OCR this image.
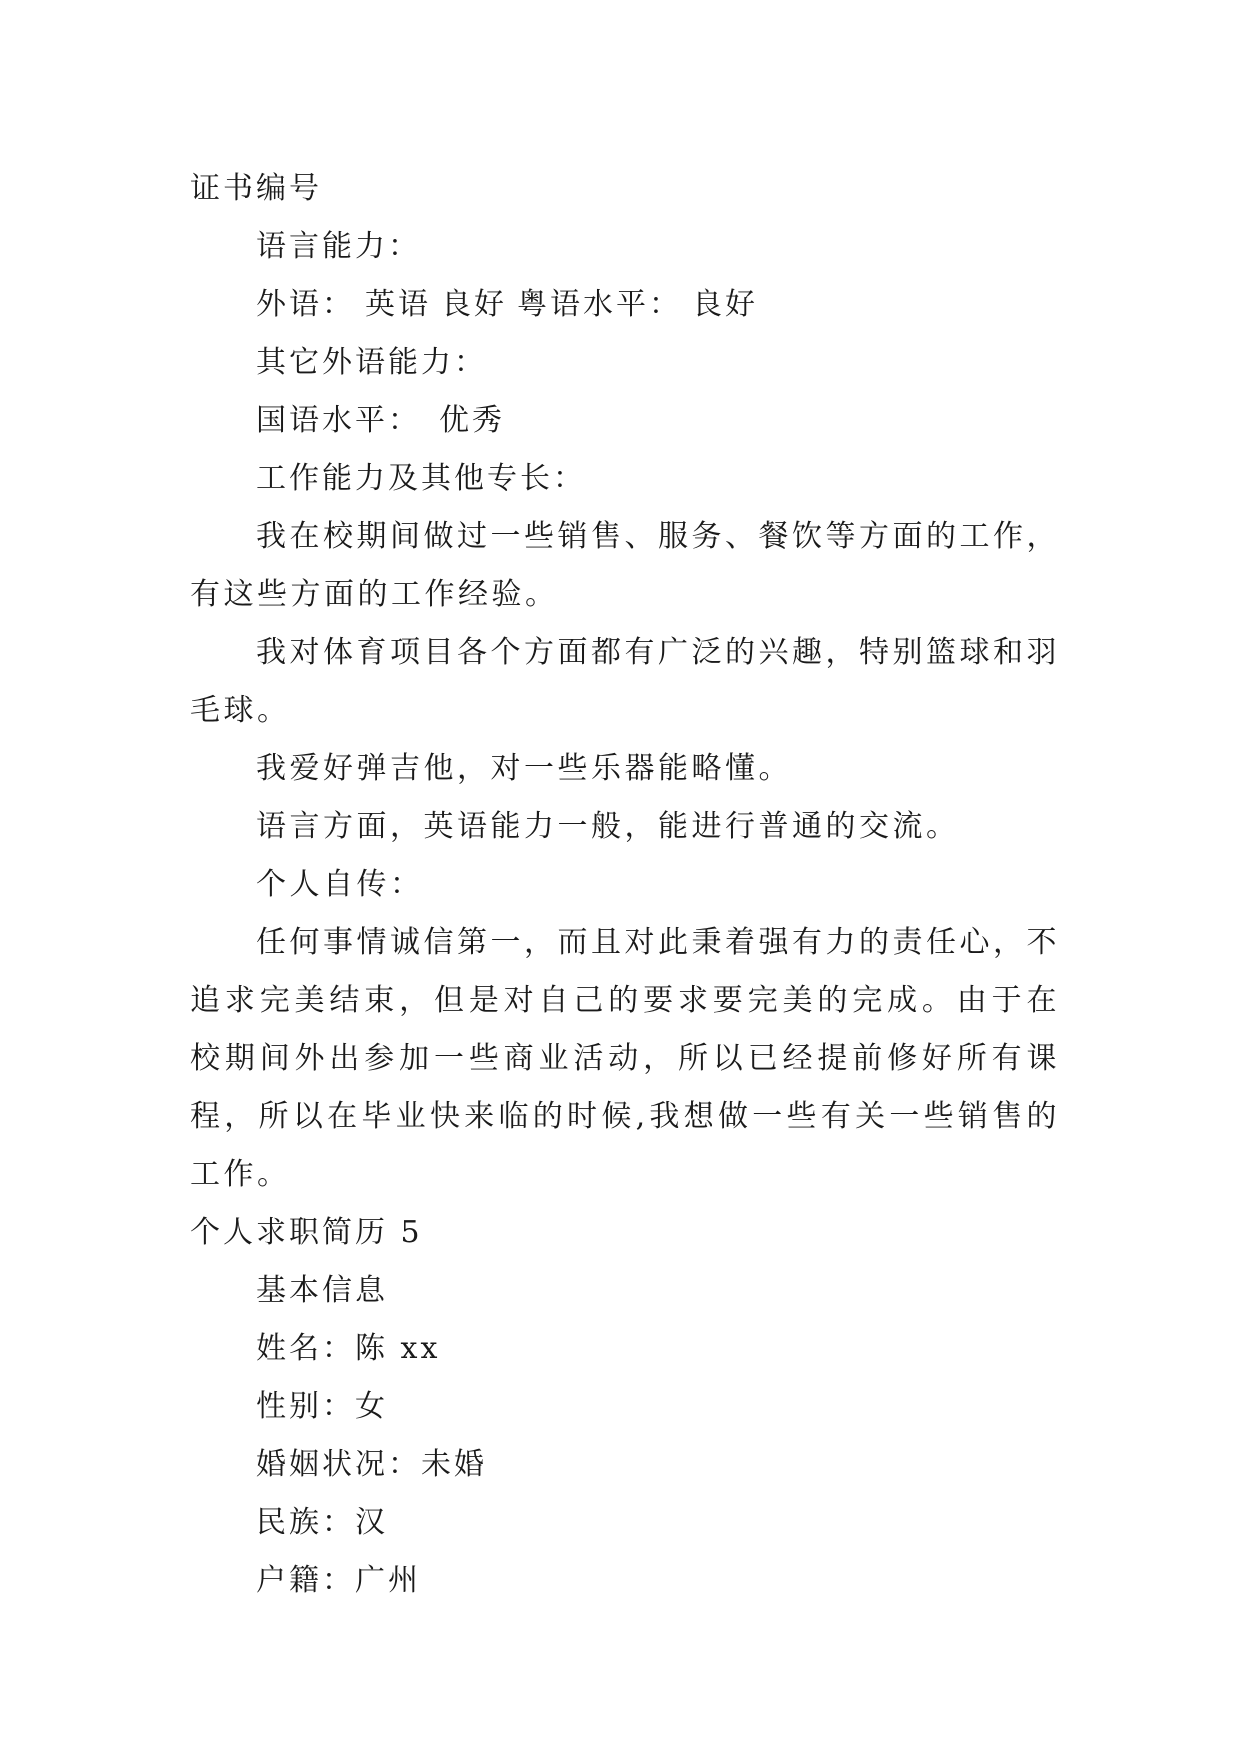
证书编号
语言能力：
外语： 英语 良好 粤语水平： 良好
其它外语能力：
国语水平： 优秀
工作能力及其他专长：
我在校期间做过一些销售、服务、餐饮等方面的工作，有这些方面的工作经验。
我对体育项目各个方面都有广泛的兴趣，特别篮球和羽毛球。
我爱好弹吉他，对一些乐器能略懂。
语言方面，英语能力一般，能进行普通的交流。
个人自传：
任何事情诚信第一，而且对此秉着强有力的责任心，不追求完美结束，但是对自己的要求要完美的完成。由于在校期间外出参加一些商业活动，所以已经提前修好所有课程，所以在毕业快来临的时候,我想做一些有关一些销售的工作。
个人求职简历 5
基本信息
姓名：陈 xx
性别：女
婚姻状况：未婚
民族：汉
户籍：广州
